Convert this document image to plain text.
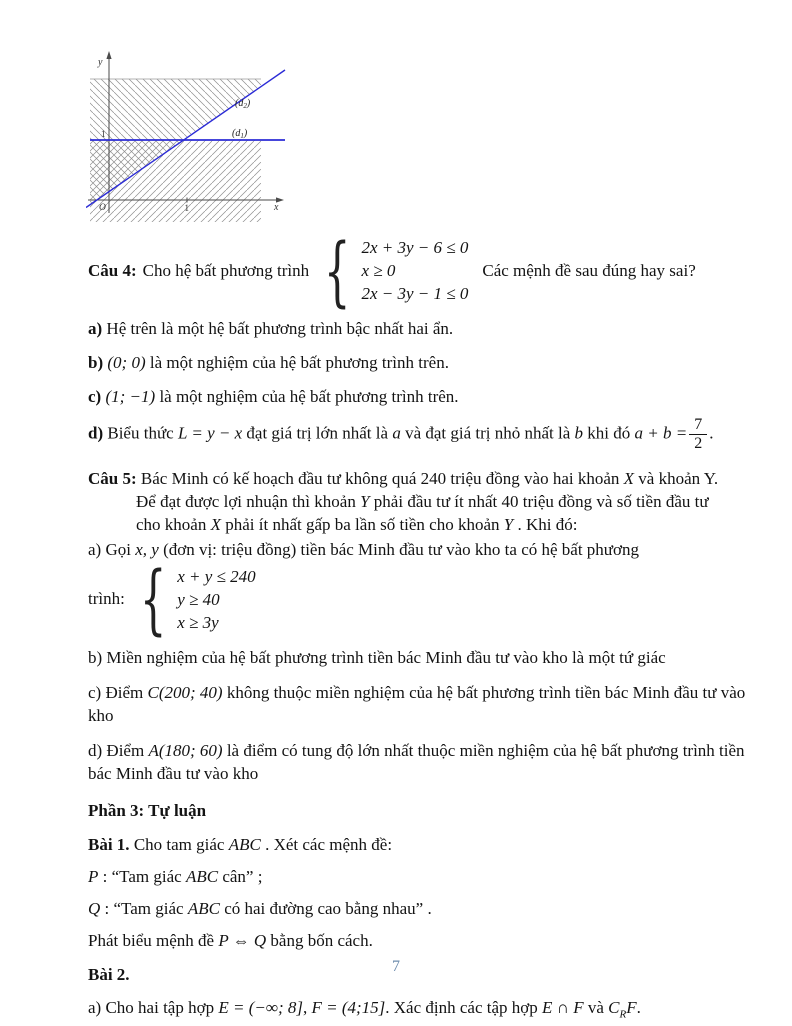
y
x
O
1
1
$(d_2)$
$(d_1)$
Câu 4: Cho hệ bất phương trình { 2x + 3y − 6 ≤ 0
x ≥ 0
2x − 3y − 1 ≤ 0
Các mệnh đề sau đúng hay sai?
a) Hệ trên là một hệ bất phương trình bậc nhất hai ẩn.
b) (0; 0) là một nghiệm của hệ bất phương trình trên.
c) (1; −1) là một nghiệm của hệ bất phương trình trên.
d) Biểu thức L = y − x đạt giá trị lớn nhất là a và đạt giá trị nhỏ nhất là b khi đó $a + b = \frac{7}{2}$ .
Câu 5: Bác Minh có kế hoạch đầu tư không quá 240 triệu đồng vào hai khoản X và khoản Y.
Để đạt được lợi nhuận thì khoản Y phải đầu tư ít nhất 40 triệu đồng và số tiền đầu tư
cho khoản X phải ít nhất gấp ba lần số tiền cho khoản Y . Khi đó:
a) Gọi x, y (đơn vị: triệu đồng) tiền bác Minh đầu tư vào kho ta có hệ bất phương
trình: { x + y ≤ 240
y ≥ 40
x ≥ 3y
b) Miền nghiệm của hệ bất phương trình tiền bác Minh đầu tư vào kho là một tứ giác
c) Điểm C(200; 40) không thuộc miền nghiệm của hệ bất phương trình tiền bác Minh đầu tư vào
kho
d) Điểm A(180; 60) là điểm có tung độ lớn nhất thuộc miền nghiệm của hệ bất phương trình tiền
bác Minh đầu tư vào kho
Phần 3: Tự luận
Bài 1. Cho tam giác ABC . Xét các mệnh đề:
P : “Tam giác ABC cân” ;
Q : “Tam giác ABC có hai đường cao bằng nhau” .
Phát biểu mệnh đề P ⇔ Q bằng bốn cách.
Bài 2.
a) Cho hai tập hợp E = (−∞; 8], F = (4;15]. Xác định các tập hợp E ∩ F và $C_RF$.
7
